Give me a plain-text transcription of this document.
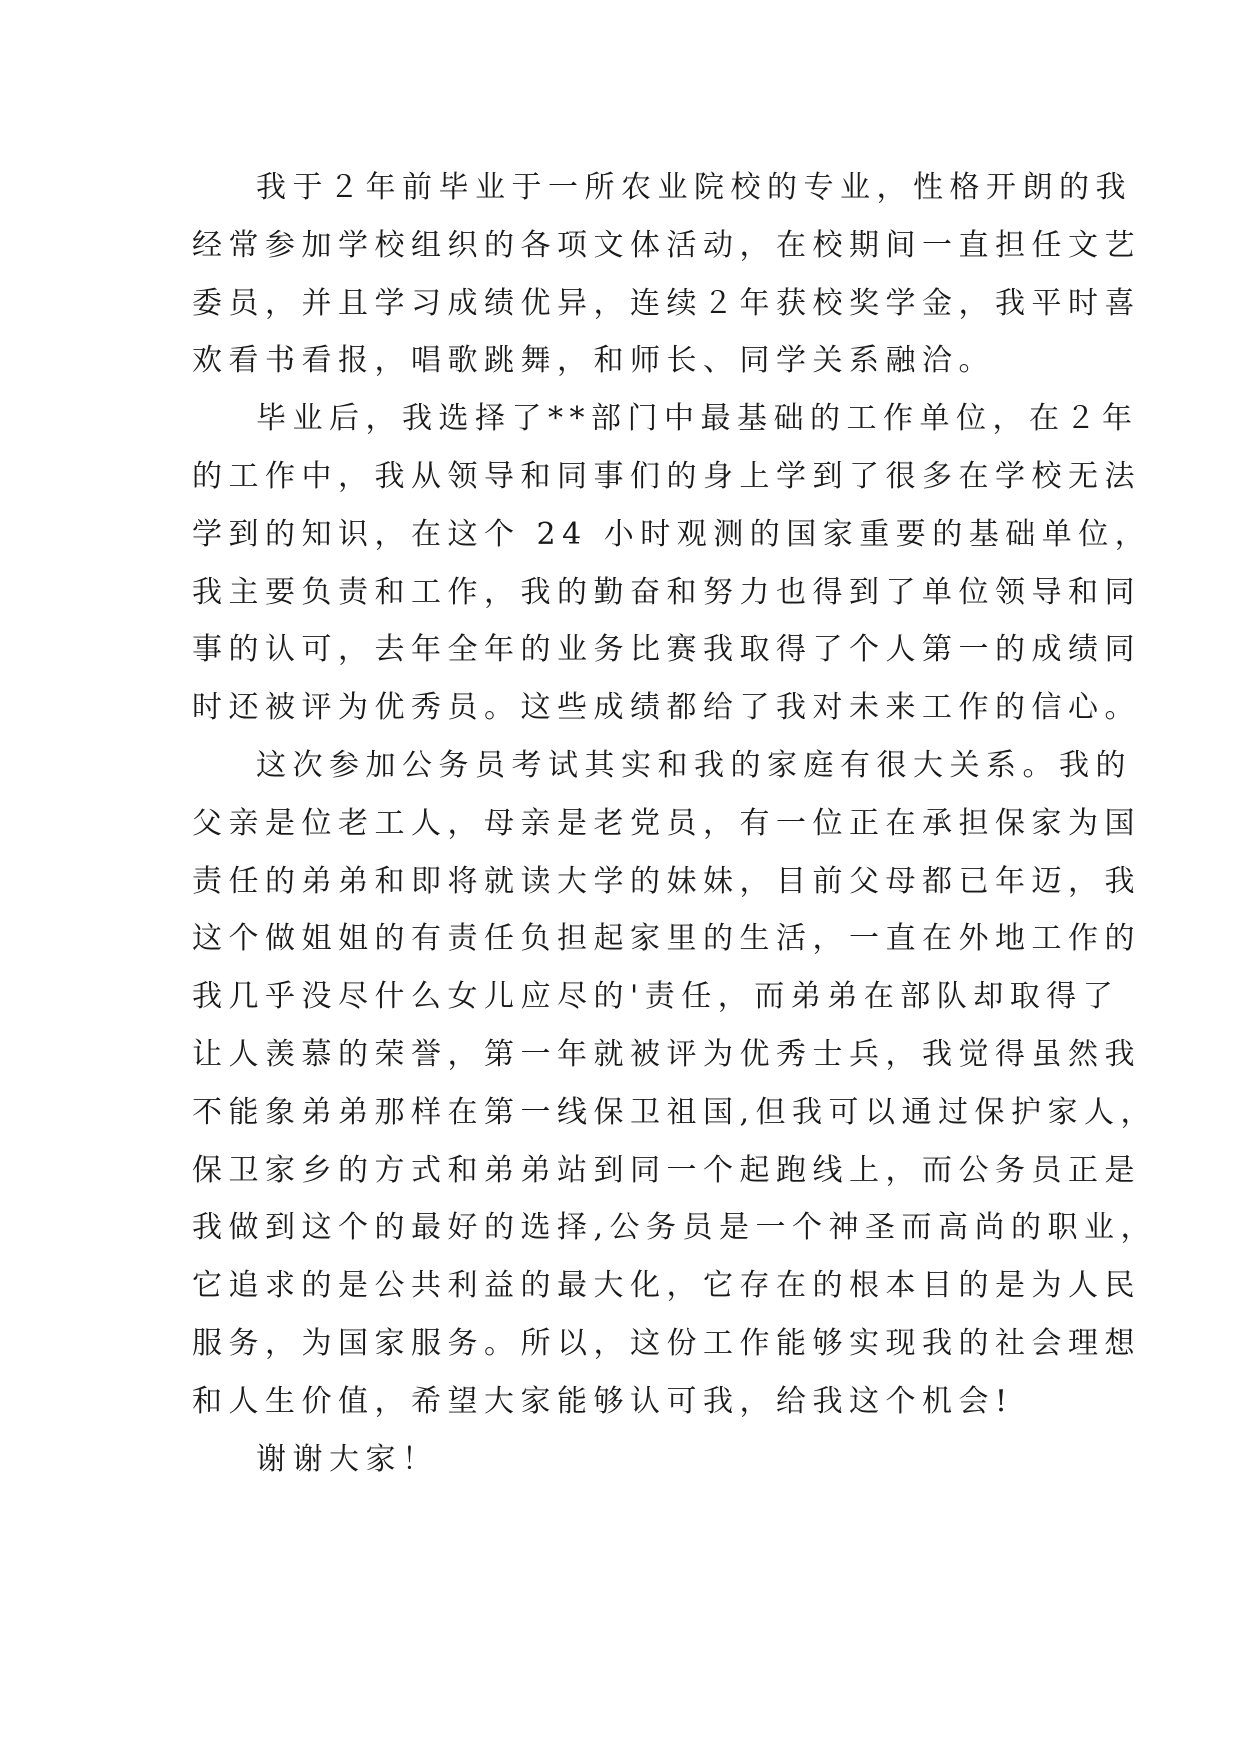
我于２年前毕业于一所农业院校的专业，性格开朗的我
经常参加学校组织的各项文体活动，在校期间一直担任文艺
委员，并且学习成绩优异，连续２年获校奖学金，我平时喜
欢看书看报，唱歌跳舞，和师长、同学关系融洽。
毕业后，我选择了**部门中最基础的工作单位，在２年
的工作中，我从领导和同事们的身上学到了很多在学校无法
学到的知识，在这个 24 小时观测的国家重要的基础单位，
我主要负责和工作，我的勤奋和努力也得到了单位领导和同
事的认可，去年全年的业务比赛我取得了个人第一的成绩同
时还被评为优秀员。这些成绩都给了我对未来工作的信心。
这次参加公务员考试其实和我的家庭有很大关系。我的
父亲是位老工人，母亲是老党员，有一位正在承担保家为国
责任的弟弟和即将就读大学的妹妹，目前父母都已年迈，我
这个做姐姐的有责任负担起家里的生活，一直在外地工作的
我几乎没尽什么女儿应尽的'责任，而弟弟在部队却取得了
让人羡慕的荣誉，第一年就被评为优秀士兵，我觉得虽然我
不能象弟弟那样在第一线保卫祖国,但我可以通过保护家人，
保卫家乡的方式和弟弟站到同一个起跑线上，而公务员正是
我做到这个的最好的选择,公务员是一个神圣而高尚的职业，
它追求的是公共利益的最大化，它存在的根本目的是为人民
服务，为国家服务。所以，这份工作能够实现我的社会理想
和人生价值，希望大家能够认可我，给我这个机会!
谢谢大家！
